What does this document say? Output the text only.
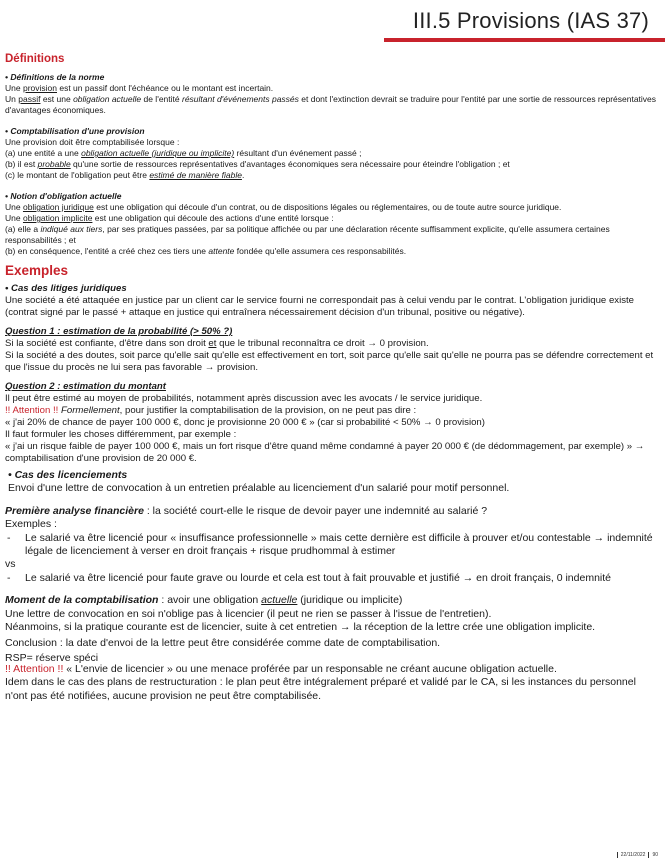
III.5 Provisions (IAS 37)
Définitions

• Définitions de la norme

Une provision est un passif dont l'échéance ou le montant est incertain.

Un passif est une obligation actuelle de l'entité résultant d'événements passés et dont l'extinction devrait se traduire pour l'entité par une sortie de ressources représentatives d'avantages économiques.

• Comptabilisation d'une provision

Une provision doit être comptabilisée lorsque :

(a) une entité a une obligation actuelle (juridique ou implicite) résultant d'un événement passé ;

(b) il est probable qu'une sortie de ressources représentatives d'avantages économiques sera nécessaire pour éteindre l'obligation ; et

(c) le montant de l'obligation peut être estimé de manière fiable.

• Notion d'obligation actuelle

Une obligation juridique est une obligation qui découle d'un contrat, ou de dispositions légales ou réglementaires, ou de toute autre source juridique.

Une obligation implicite est une obligation qui découle des actions d'une entité lorsque :

(a) elle a indiqué aux tiers, par ses pratiques passées, par sa politique affichée ou par une déclaration récente suffisamment explicite, qu'elle assumera certaines responsabilités ; et

(b) en conséquence, l'entité a créé chez ces tiers une attente fondée qu'elle assumera ces responsabilités.

Exemples

• Cas des litiges juridiques

Une société a été attaquée en justice par un client car le service fourni ne correspondait pas à celui vendu par le contrat. L'obligation juridique existe (contrat signé par le passé + attaque en justice qui entraînera nécessairement décision d'un tribunal, positive ou négative).

Question 1 : estimation de la probabilité (> 50% ?)

Si la société est confiante, d'être dans son droit et que le tribunal reconnaîtra ce droit → 0 provision.

Si la société a des doutes, soit parce qu'elle sait qu'elle est effectivement en tort, soit parce qu'elle sait qu'elle ne pourra pas se défendre correctement et que l'issue du procès ne lui sera pas favorable → provision.

Question 2 : estimation du montant

Il peut être estimé au moyen de probabilités, notamment après discussion avec les avocats / le service juridique.

!! Attention !! Formellement, pour justifier la comptabilisation de la provision, on ne peut pas dire :

« j'ai 20% de chance de payer 100 000 €, donc je provisionne 20 000 € » (car si probabilité < 50% → 0 provision)

Il faut formuler les choses différemment, par exemple :

« j'ai un risque faible de payer 100 000 €, mais un fort risque d'être quand même condamné à payer 20 000 € (de dédommagement, par exemple) » → comptabilisation d'une provision de 20 000 €.

• Cas des licenciements

Envoi d'une lettre de convocation à un entretien préalable au licenciement d'un salarié pour motif personnel.

Première analyse financière : la société court-elle le risque de devoir payer une indemnité au salarié ?

Exemples :

-	Le salarié va être licencié pour « insuffisance professionnelle » mais cette dernière est difficile à prouver et/ou contestable → indemnité légale de licenciement à verser en droit français + risque prudhommal à estimer

vs

-	Le salarié va être licencié pour faute grave ou lourde et cela est tout à fait prouvable et justifié → en droit français, 0 indemnité

Moment de la comptabilisation : avoir une obligation actuelle (juridique ou implicite)

Une lettre de convocation en soi n'oblige pas à licencier (il peut ne rien se passer à l'issue de l'entretien).

Néanmoins, si la pratique courante est de licencier, suite à cet entretien → la réception de la lettre crée une obligation implicite.

Conclusion : la date d'envoi de la lettre peut être considérée comme date de comptabilisation.

RSP= réserve spéci

!! Attention !! « L'envie de licencier » ou une menace proférée par un responsable ne créant aucune obligation actuelle.

Idem dans le cas des plans de restructuration : le plan peut être intégralement préparé et validé par le CA, si les instances du personnel n'ont pas été notifiées, aucune provision ne peut être comptabilisée.

22/11/2022 90
